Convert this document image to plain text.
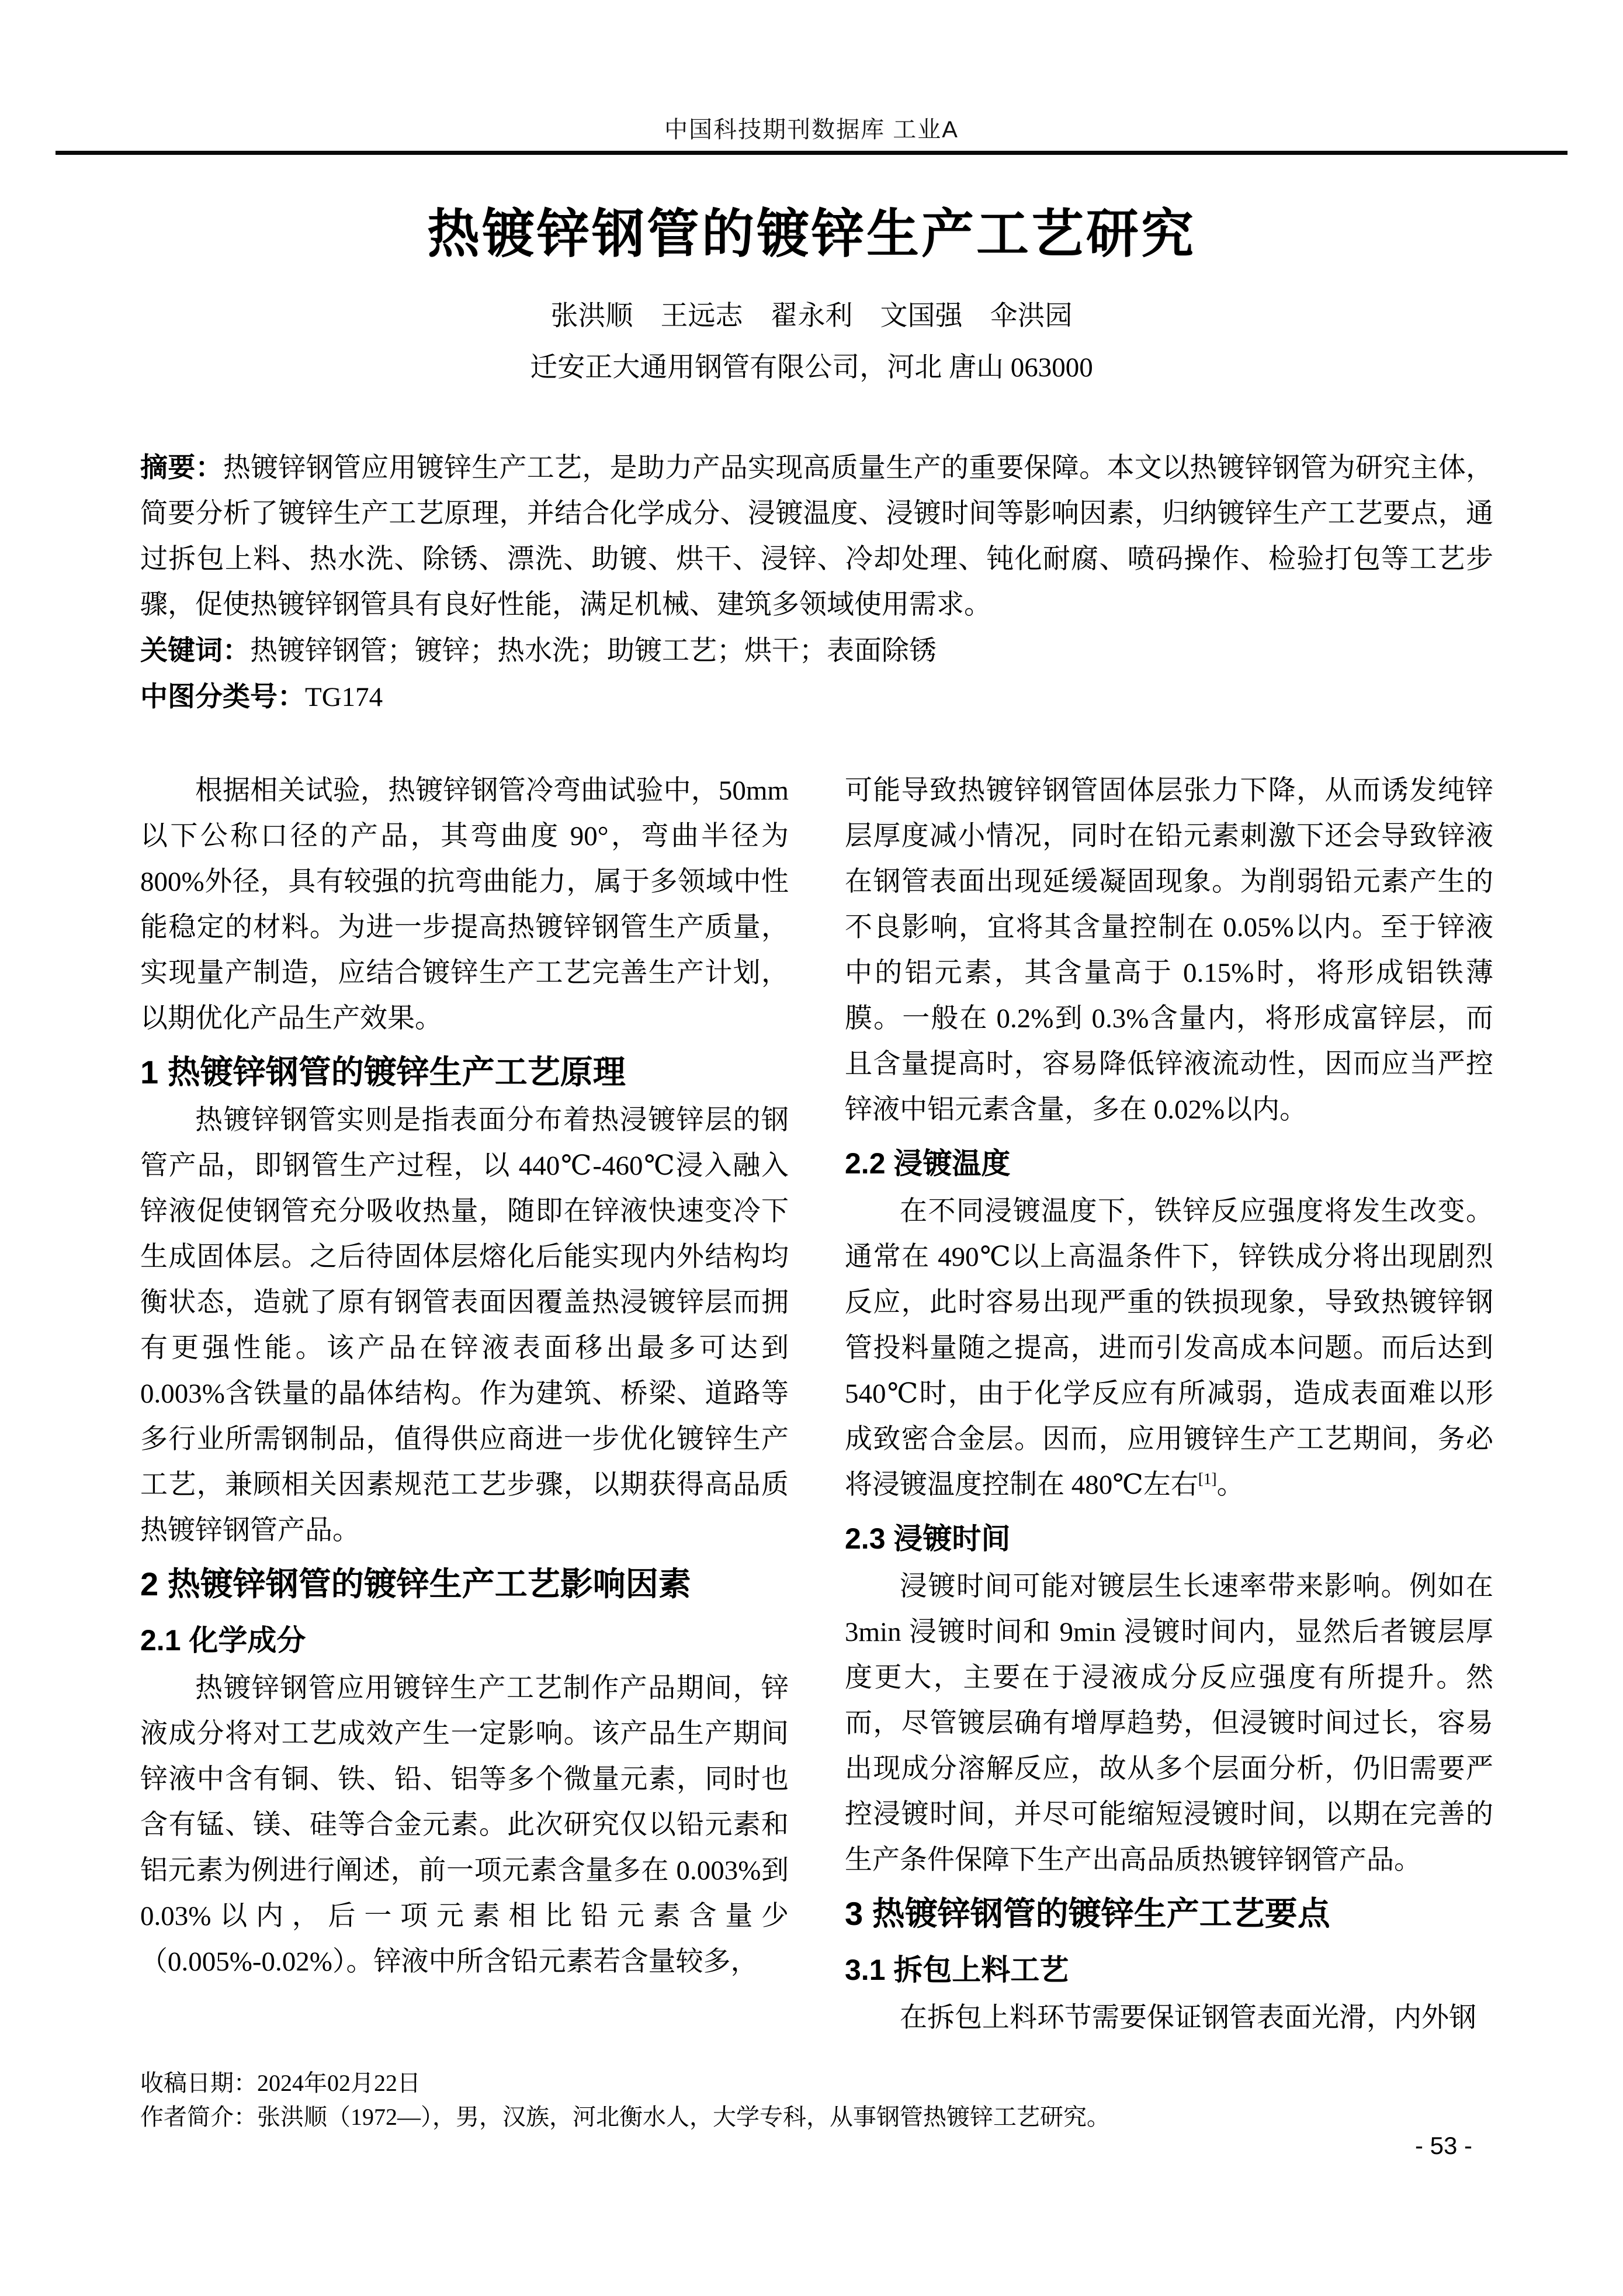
中国科技期刊数据库 工业A
热镀锌钢管的镀锌生产工艺研究
张洪顺　王远志　翟永利　文国强　伞洪园
迁安正大通用钢管有限公司，河北 唐山 063000

摘要：热镀锌钢管应用镀锌生产工艺，是助力产品实现高质量生产的重要保障。本文以热镀锌钢管为研究主体，简要分析了镀锌生产工艺原理，并结合化学成分、浸镀温度、浸镀时间等影响因素，归纳镀锌生产工艺要点，通过拆包上料、热水洗、除锈、漂洗、助镀、烘干、浸锌、冷却处理、钝化耐腐、喷码操作、检验打包等工艺步骤，促使热镀锌钢管具有良好性能，满足机械、建筑多领域使用需求。

关键词：热镀锌钢管；镀锌；热水洗；助镀工艺；烘干；表面除锈

中图分类号：TG174

根据相关试验，热镀锌钢管冷弯曲试验中，50mm 以下公称口径的产品，其弯曲度 90°，弯曲半径为 800%外径，具有较强的抗弯曲能力，属于多领域中性能稳定的材料。为进一步提高热镀锌钢管生产质量，实现量产制造，应结合镀锌生产工艺完善生产计划，以期优化产品生产效果。

1 热镀锌钢管的镀锌生产工艺原理

热镀锌钢管实则是指表面分布着热浸镀锌层的钢管产品，即钢管生产过程，以 440℃-460℃浸入融入锌液促使钢管充分吸收热量，随即在锌液快速变冷下生成固体层。之后待固体层熔化后能实现内外结构均衡状态，造就了原有钢管表面因覆盖热浸镀锌层而拥有更强性能。该产品在锌液表面移出最多可达到 0.003%含铁量的晶体结构。作为建筑、桥梁、道路等多行业所需钢制品，值得供应商进一步优化镀锌生产工艺，兼顾相关因素规范工艺步骤，以期获得高品质热镀锌钢管产品。

2 热镀锌钢管的镀锌生产工艺影响因素
2.1 化学成分

热镀锌钢管应用镀锌生产工艺制作产品期间，锌液成分将对工艺成效产生一定影响。该产品生产期间锌液中含有铜、铁、铅、铝等多个微量元素，同时也含有锰、镁、硅等合金元素。此次研究仅以铅元素和铝元素为例进行阐述，前一项元素含量多在 0.003%到 0.03%以内，后一项元素相比铅元素含量少（0.005%-0.02%）。锌液中所含铅元素若含量较多，

可能导致热镀锌钢管固体层张力下降，从而诱发纯锌层厚度减小情况，同时在铅元素刺激下还会导致锌液在钢管表面出现延缓凝固现象。为削弱铅元素产生的不良影响，宜将其含量控制在 0.05%以内。至于锌液中的铝元素，其含量高于 0.15%时，将形成铝铁薄膜。一般在 0.2%到 0.3%含量内，将形成富锌层，而且含量提高时，容易降低锌液流动性，因而应当严控锌液中铝元素含量，多在 0.02%以内。

2.2 浸镀温度

在不同浸镀温度下，铁锌反应强度将发生改变。通常在 490℃以上高温条件下，锌铁成分将出现剧烈反应，此时容易出现严重的铁损现象，导致热镀锌钢管投料量随之提高，进而引发高成本问题。而后达到 540℃时，由于化学反应有所减弱，造成表面难以形成致密合金层。因而，应用镀锌生产工艺期间，务必将浸镀温度控制在 480℃左右[1]。

2.3 浸镀时间

浸镀时间可能对镀层生长速率带来影响。例如在 3min 浸镀时间和 9min 浸镀时间内，显然后者镀层厚度更大，主要在于浸液成分反应强度有所提升。然而，尽管镀层确有增厚趋势，但浸镀时间过长，容易出现成分溶解反应，故从多个层面分析，仍旧需要严控浸镀时间，并尽可能缩短浸镀时间，以期在完善的生产条件保障下生产出高品质热镀锌钢管产品。

3 热镀锌钢管的镀锌生产工艺要点
3.1 拆包上料工艺

在拆包上料环节需要保证钢管表面光滑，内外钢

收稿日期：2024年02月22日
作者简介：张洪顺（1972—），男，汉族，河北衡水人，大学专科，从事钢管热镀锌工艺研究。
- 53 -
